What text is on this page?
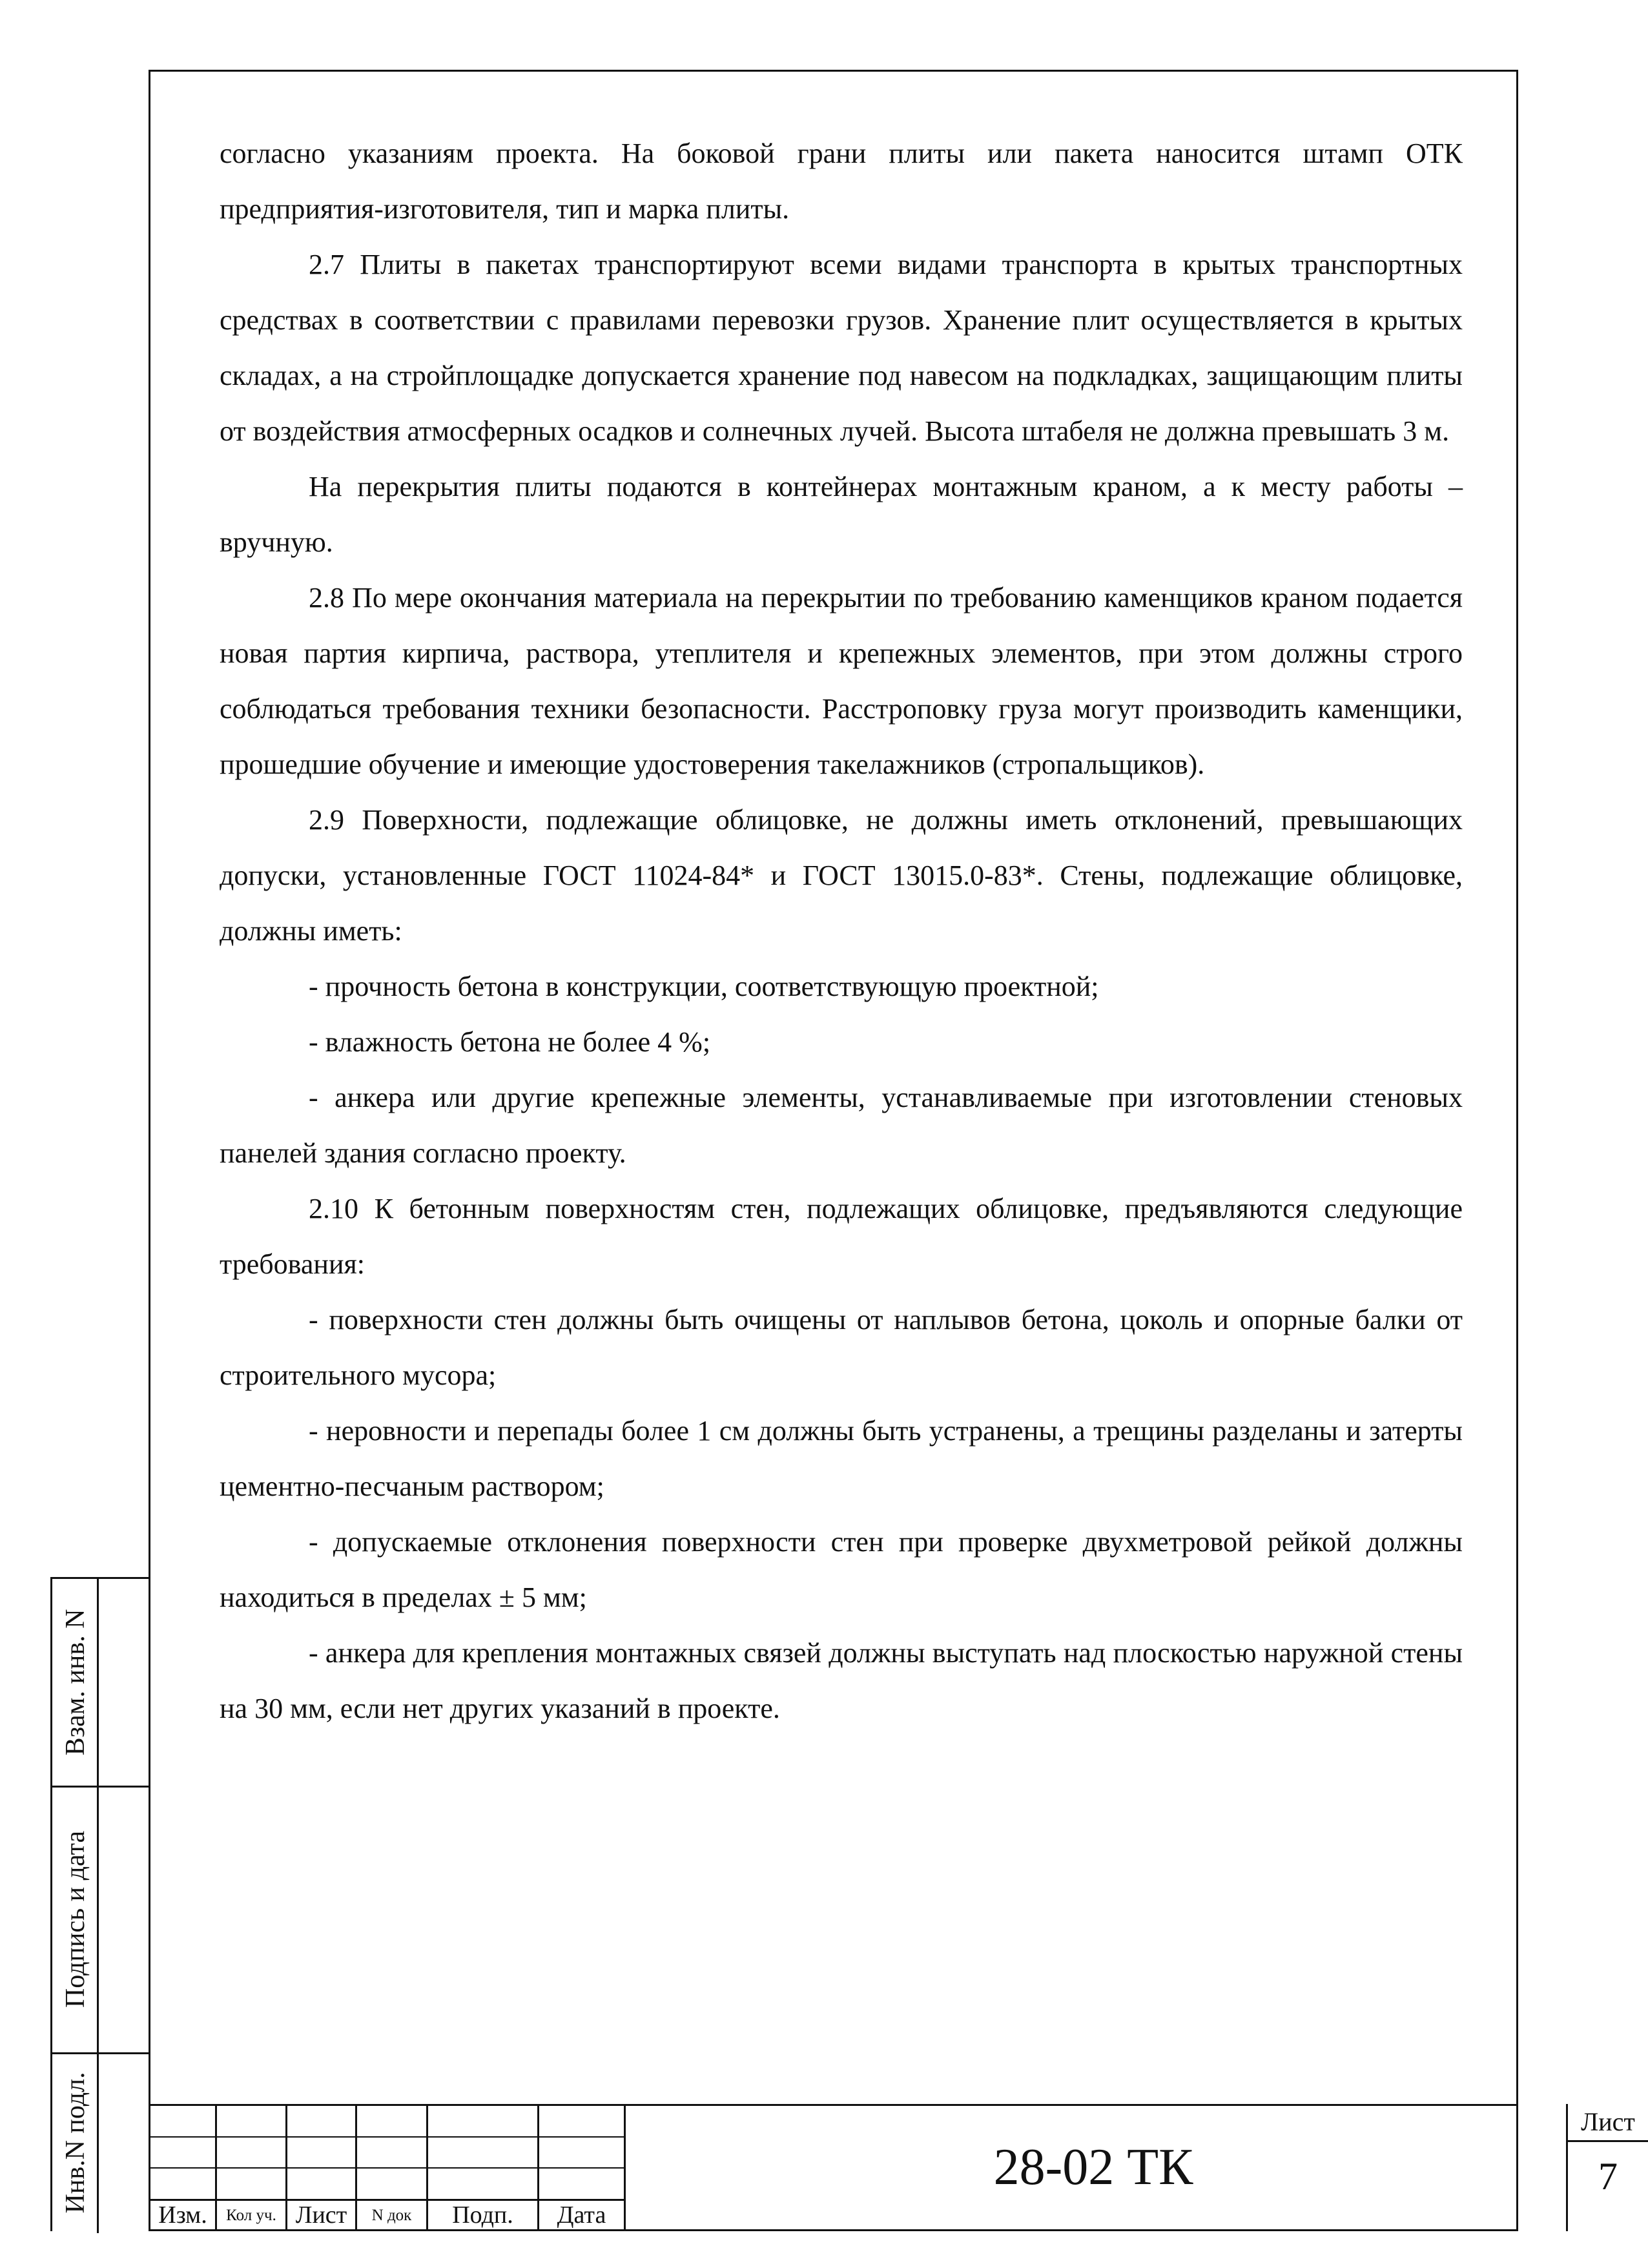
согласно указаниям проекта. На боковой грани плиты или пакета наносится штамп ОТК предприятия-изготовителя, тип и марка плиты.

2.7 Плиты в пакетах транспортируют всеми видами транспорта в крытых транспортных средствах в соответствии с правилами перевозки грузов. Хранение плит осуществляется в крытых складах, а на стройплощадке допускается хранение под навесом на подкладках, защищающим плиты от воздействия атмосферных осадков и солнечных лучей. Высота штабеля не должна превышать 3 м.

На перекрытия плиты подаются в контейнерах монтажным краном, а к месту работы – вручную.

2.8 По мере окончания материала на перекрытии по требованию каменщиков краном подается новая партия кирпича, раствора, утеплителя и крепежных элементов, при этом должны строго соблюдаться требования техники безопасности. Расстроповку груза могут производить каменщики, прошедшие обучение и имеющие удостоверения такелажников (стропальщиков).

2.9 Поверхности, подлежащие облицовке, не должны иметь отклонений, превышающих допуски, установленные ГОСТ 11024-84* и ГОСТ 13015.0-83*. Стены, подлежащие облицовке, должны иметь:

- прочность бетона в конструкции, соответствующую проектной;

- влажность бетона не более 4 %;

- анкера или другие крепежные элементы, устанавливаемые при изготовлении стеновых панелей здания согласно проекту.

2.10 К бетонным поверхностям стен, подлежащих облицовке, предъявляются следующие требования:

- поверхности стен должны быть очищены от наплывов бетона, цоколь и опорные балки от строительного мусора;

- неровности и перепады более 1 см должны быть устранены, а трещины разделаны и затерты цементно-песчаным раствором;

- допускаемые отклонения поверхности стен при проверке двухметровой рейкой должны находиться в пределах ± 5 мм;

- анкера для крепления монтажных связей должны выступать над плоскостью наружной стены на 30 мм, если нет других указаний в проекте.

Взам. инв. N
Подпись и дата
Инв.N подл.
Изм.	Кол уч. Лист	N док	Подп.	Дата
28-02 ТК
Лист
7
